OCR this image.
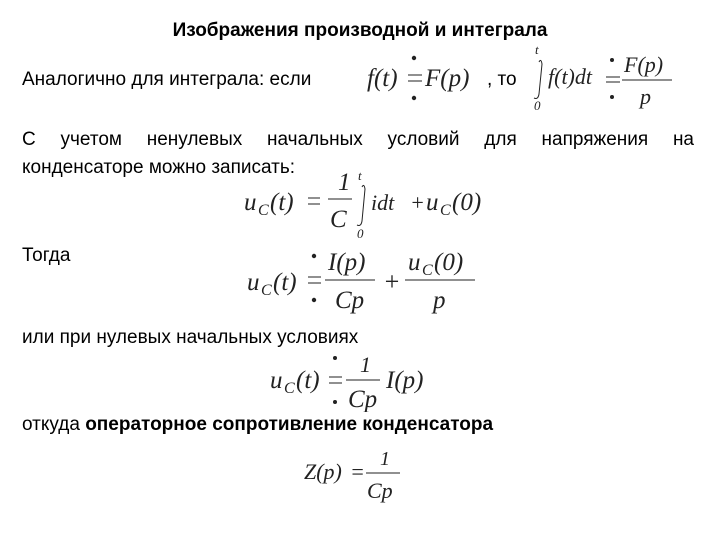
Изображения производной и интеграла
Аналогично для интеграла: если	, то
f(t) F(p)
t
0
f(t)dt F(p)
p
С учетом ненулевых начальных условий для напряжения на
конденсаторе можно записать:
u C (t)
1
C
t
0
idt + u C (0)
Тогда
u C (t)
I(p)
Cp
+
u C (0)
p
или при нулевых начальных условиях
u C (t)
1
Cp
I(p)
откуда операторное сопротивление конденсатора
Z(p) = 1
Cp
